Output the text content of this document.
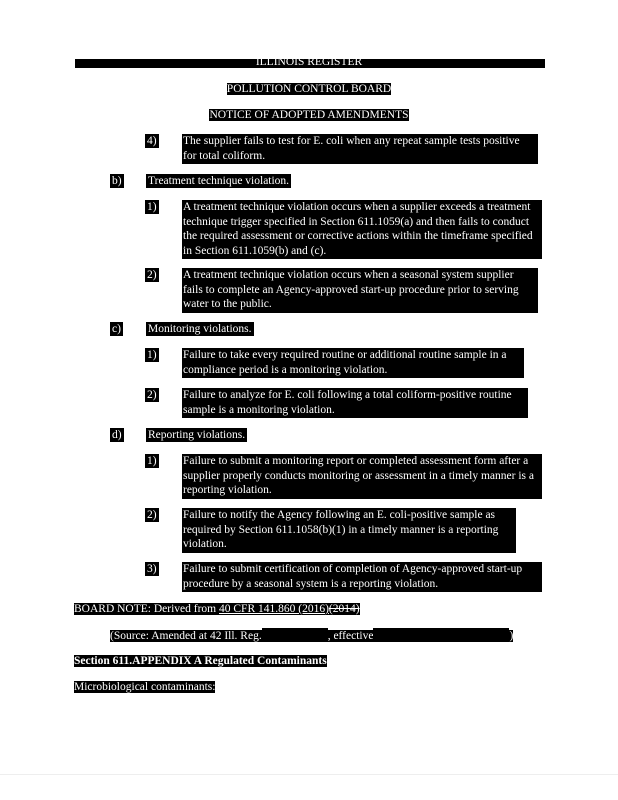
ILLINOIS REGISTER
POLLUTION CONTROL BOARD
NOTICE OF ADOPTED AMENDMENTS
4) The supplier fails to test for E. coli when any repeat sample tests positive for total coliform.
b) Treatment technique violation.
1) A treatment technique violation occurs when a supplier exceeds a treatment technique trigger specified in Section 611.1059(a) and then fails to conduct the required assessment or corrective actions within the timeframe specified in Section 611.1059(b) and (c).
2) A treatment technique violation occurs when a seasonal system supplier fails to complete an Agency-approved start-up procedure prior to serving water to the public.
c) Monitoring violations.
1) Failure to take every required routine or additional routine sample in a compliance period is a monitoring violation.
2) Failure to analyze for E. coli following a total coliform-positive routine sample is a monitoring violation.
d) Reporting violations.
1) Failure to submit a monitoring report or completed assessment form after a supplier properly conducts monitoring or assessment in a timely manner is a reporting violation.
2) Failure to notify the Agency following an E. coli-positive sample as required by Section 611.1058(b)(1) in a timely manner is a reporting violation.
3) Failure to submit certification of completion of Agency-approved start-up procedure by a seasonal system is a reporting violation.
BOARD NOTE: Derived from 40 CFR 141.860 (2016)(2014)
(Source: Amended at 42 Ill. Reg.	, effective	)
Section 611.APPENDIX A Regulated Contaminants
Microbiological contaminants:
